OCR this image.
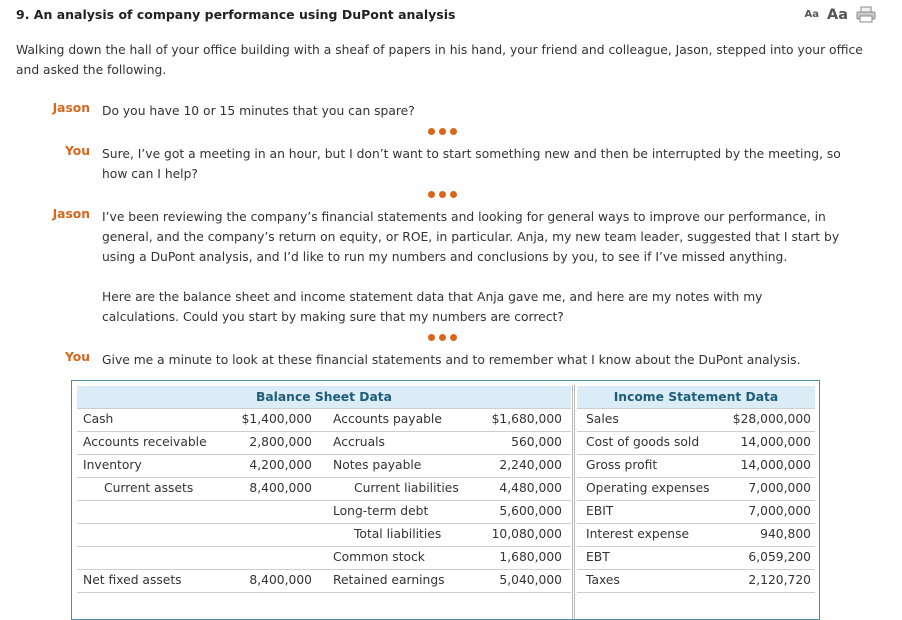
9. An analysis of company performance using DuPont analysis	Aa Aa
Walking down the hall of your office building with a sheaf of papers in his hand, your friend and colleague, Jason, stepped into your office and asked the following.
Jason Do you have 10 or 15 minutes that you can spare?
You Sure, I’ve got a meeting in an hour, but I don’t want to start something new and then be interrupted by the meeting, so how can I help?
Jason I’ve been reviewing the company’s financial statements and looking for general ways to improve our performance, in general, and the company’s return on equity, or ROE, in particular. Anja, my new team leader, suggested that I start by using a DuPont analysis, and I’d like to run my numbers and conclusions by you, to see if I’ve missed anything.
Here are the balance sheet and income statement data that Anja gave me, and here are my notes with my calculations. Could you start by making sure that my numbers are correct?
You Give me a minute to look at these financial statements and to remember what I know about the DuPont analysis.
Balance Sheet Data	Income Statement Data
Cash	$1,400,000 Accounts payable	$1,680,000 Sales	$28,000,000
Accounts receivable	2,800,000 Accruals	560,000 Cost of goods sold	14,000,000
Inventory	4,200,000 Notes payable	2,240,000 Gross profit	14,000,000
Current assets	8,400,000	Current liabilities	4,480,000 Operating expenses	7,000,000
Long-term debt	5,600,000 EBIT	7,000,000
Total liabilities	10,080,000 Interest expense	940,800
Common stock	1,680,000 EBT	6,059,200
Net fixed assets	8,400,000 Retained earnings	5,040,000 Taxes	2,120,720
